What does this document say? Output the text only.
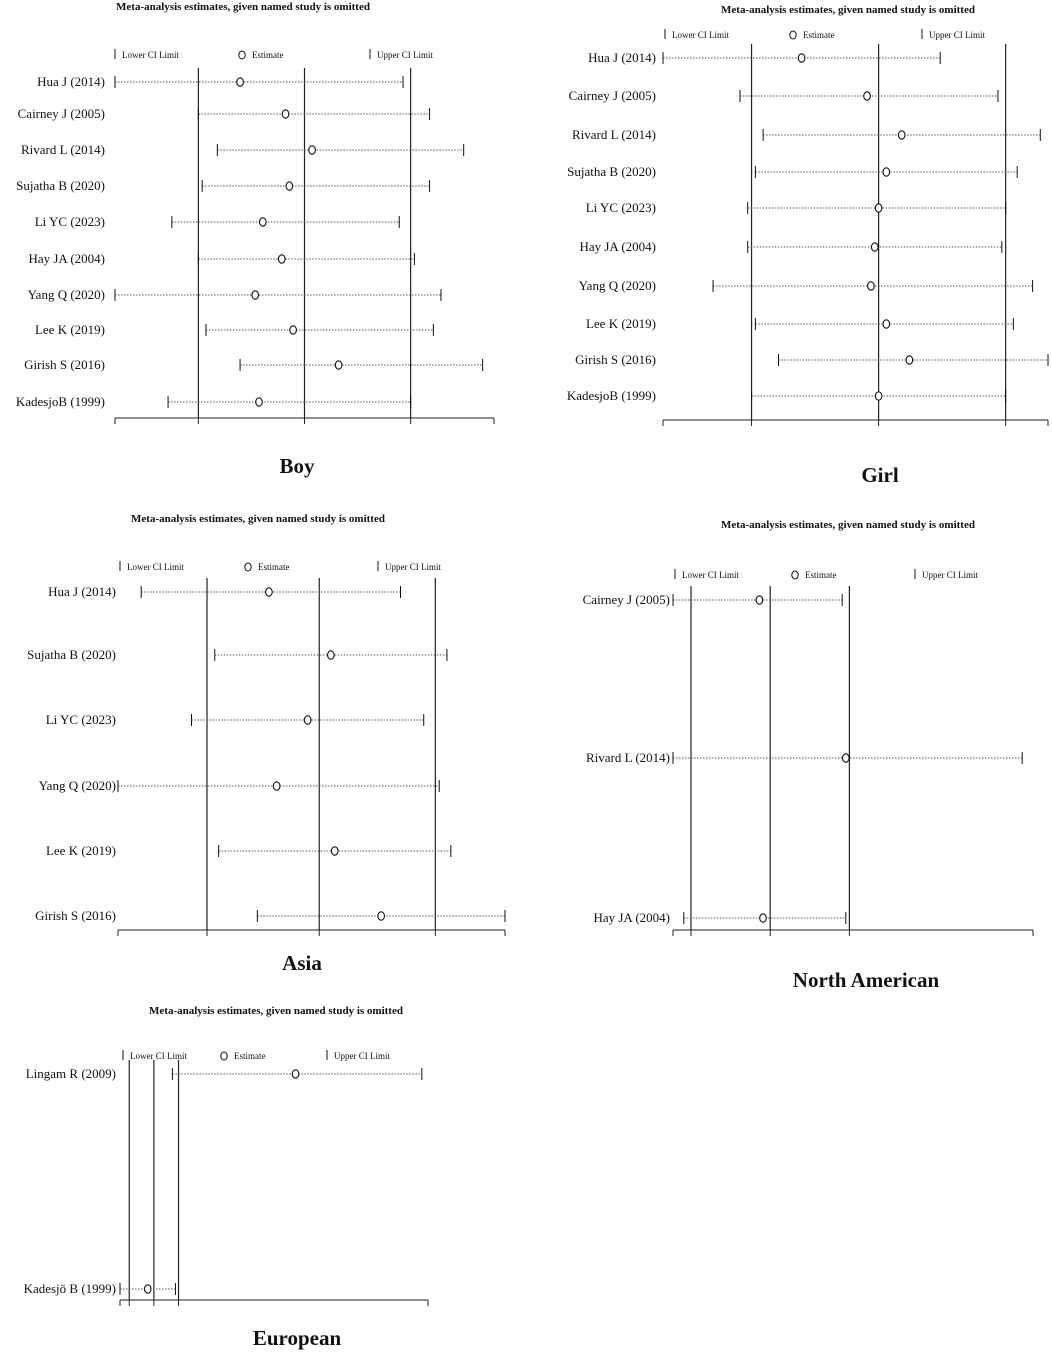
Meta-analysis estimates, given named study is omitted
Lower CI Limit	Estimate	Upper CI Limit
Hua J (2014)
Cairney J (2005)
Rivard L (2014)
Sujatha B (2020)
Li YC (2023)
Hay JA (2004)
Yang Q (2020)
Lee K (2019)
Girish S (2016)
KadesjoB (1999)
Boy
Meta-analysis estimates, given named study is omitted
Lower CI Limit	Estimate	Upper CI Limit
Hua J (2014)
Cairney J (2005)
Rivard L (2014)
Sujatha B (2020)
Li YC (2023)
Hay JA (2004)
Yang Q (2020)
Lee K (2019)
Girish S (2016)
KadesjoB (1999)
Girl
Meta-analysis estimates, given named study is omitted
Lower CI Limit	Estimate	Upper CI Limit
Hua J (2014)
Sujatha B (2020)
Li YC (2023)
Yang Q (2020)
Lee K (2019)
Girish S (2016)
Asia
Meta-analysis estimates, given named study is omitted
Lower CI Limit	Estimate	Upper CI Limit
Cairney J (2005)
Rivard L (2014)
Hay JA (2004)
North American
Meta-analysis estimates, given named study is omitted
Lower CI Limit	Estimate	Upper CI Limit
Lingam R (2009)
Kadesjö B (1999)
European
